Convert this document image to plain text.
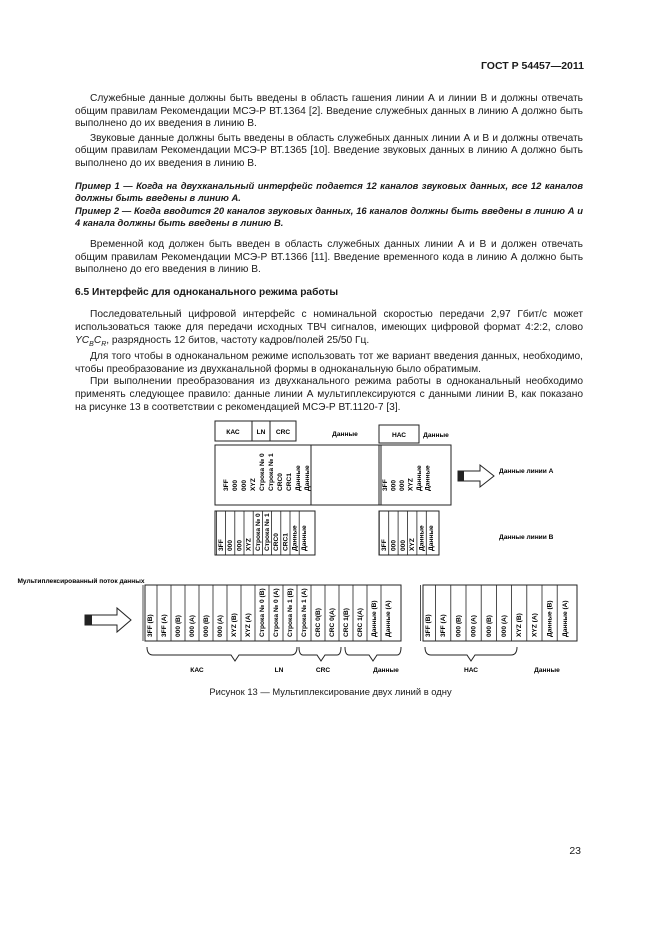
ГОСТ Р 54457—2011

Служебные данные должны быть введены в область гашения линии А и линии В и должны отвечать общим правилам Рекомендации МСЭ-Р ВТ.1364 [2]. Введение служебных данных в линию А должно быть выполнено до их введения в линию В.

Звуковые данные должны быть введены в область служебных данных линии А и В и должны отвечать общим правилам Рекомендации МСЭ-Р ВТ.1365 [10]. Введение звуковых данных в линию А должно быть выполнено до их введения в линию В.

Пример 1 — Когда на двухканальный интерфейс подается 12 каналов звуковых данных, все 12 каналов должны быть введены в линию А.

Пример 2 — Когда вводится 20 каналов звуковых данных, 16 каналов должны быть введены в линию А и 4 канала должны быть введены в линию В.

Временной код должен быть введен в область служебных данных линии А и В и должен отвечать общим правилам Рекомендации МСЭ-Р ВТ.1366 [11]. Введение временного кода в линию А должно быть выполнено до его введения в линию В.

6.5 Интерфейс для одноканального режима работы

Последовательный цифровой интерфейс с номинальной скоростью передачи 2,97 Гбит/с может использоваться также для передачи исходных ТВЧ сигналов, имеющих цифровой формат 4:2:2, слово $YC_BC_R$, разрядность 12 битов, частоту кадров/полей 25/50 Гц.

Для того чтобы в одноканальном режиме использовать тот же вариант введения данных, необходимо, чтобы преобразование из двухканальной формы в одноканальную было обратимым.

При выполнении преобразования из двухканального режима работы в одноканальный необходимо применять следующее правило: данные линии А мультиплексируются с данными линии В, как показано на рисунке 13 в соответствии с рекомендацией МСЭ-Р ВТ.1120-7 [3].

КАС	LN CRC	Данные	НАС	Данные
3FF 000 000 XYZ Строка № 0 Строка № 1 CRC0 CRC1 Данные Данные	3FF 000 000 XYZ Данные Данные	Данные линии А
3FF 000 000 XYZ Строка № 0 Строка № 1 CRC0 CRC1 Данные Данные	3FF 000 000 XYZ Данные Данные	Данные линии В
Мультиплексированный поток данных
3FF (B) 3FF (A) 000 (B) 000 (A) 000 (B) 000 (A) XYZ (B) XYZ (A) Строка № 0 (B) Строка № 0 (A) Строка № 1 (B) Строка № 1 (A) CRC 0(B) CRC 0(A) CRC 1(B) CRC 1(A) Данные (B) Данные (A)	3FF (B) 3FF (A) 000 (B) 000 (A) 000 (B) 000 (A) XYZ (B) XYZ (A) Данные (B) Данные (A)
КАС	LN	CRC	Данные	НАС	Данные
Рисунок 13 — Мультиплексирование двух линий в одну
23
